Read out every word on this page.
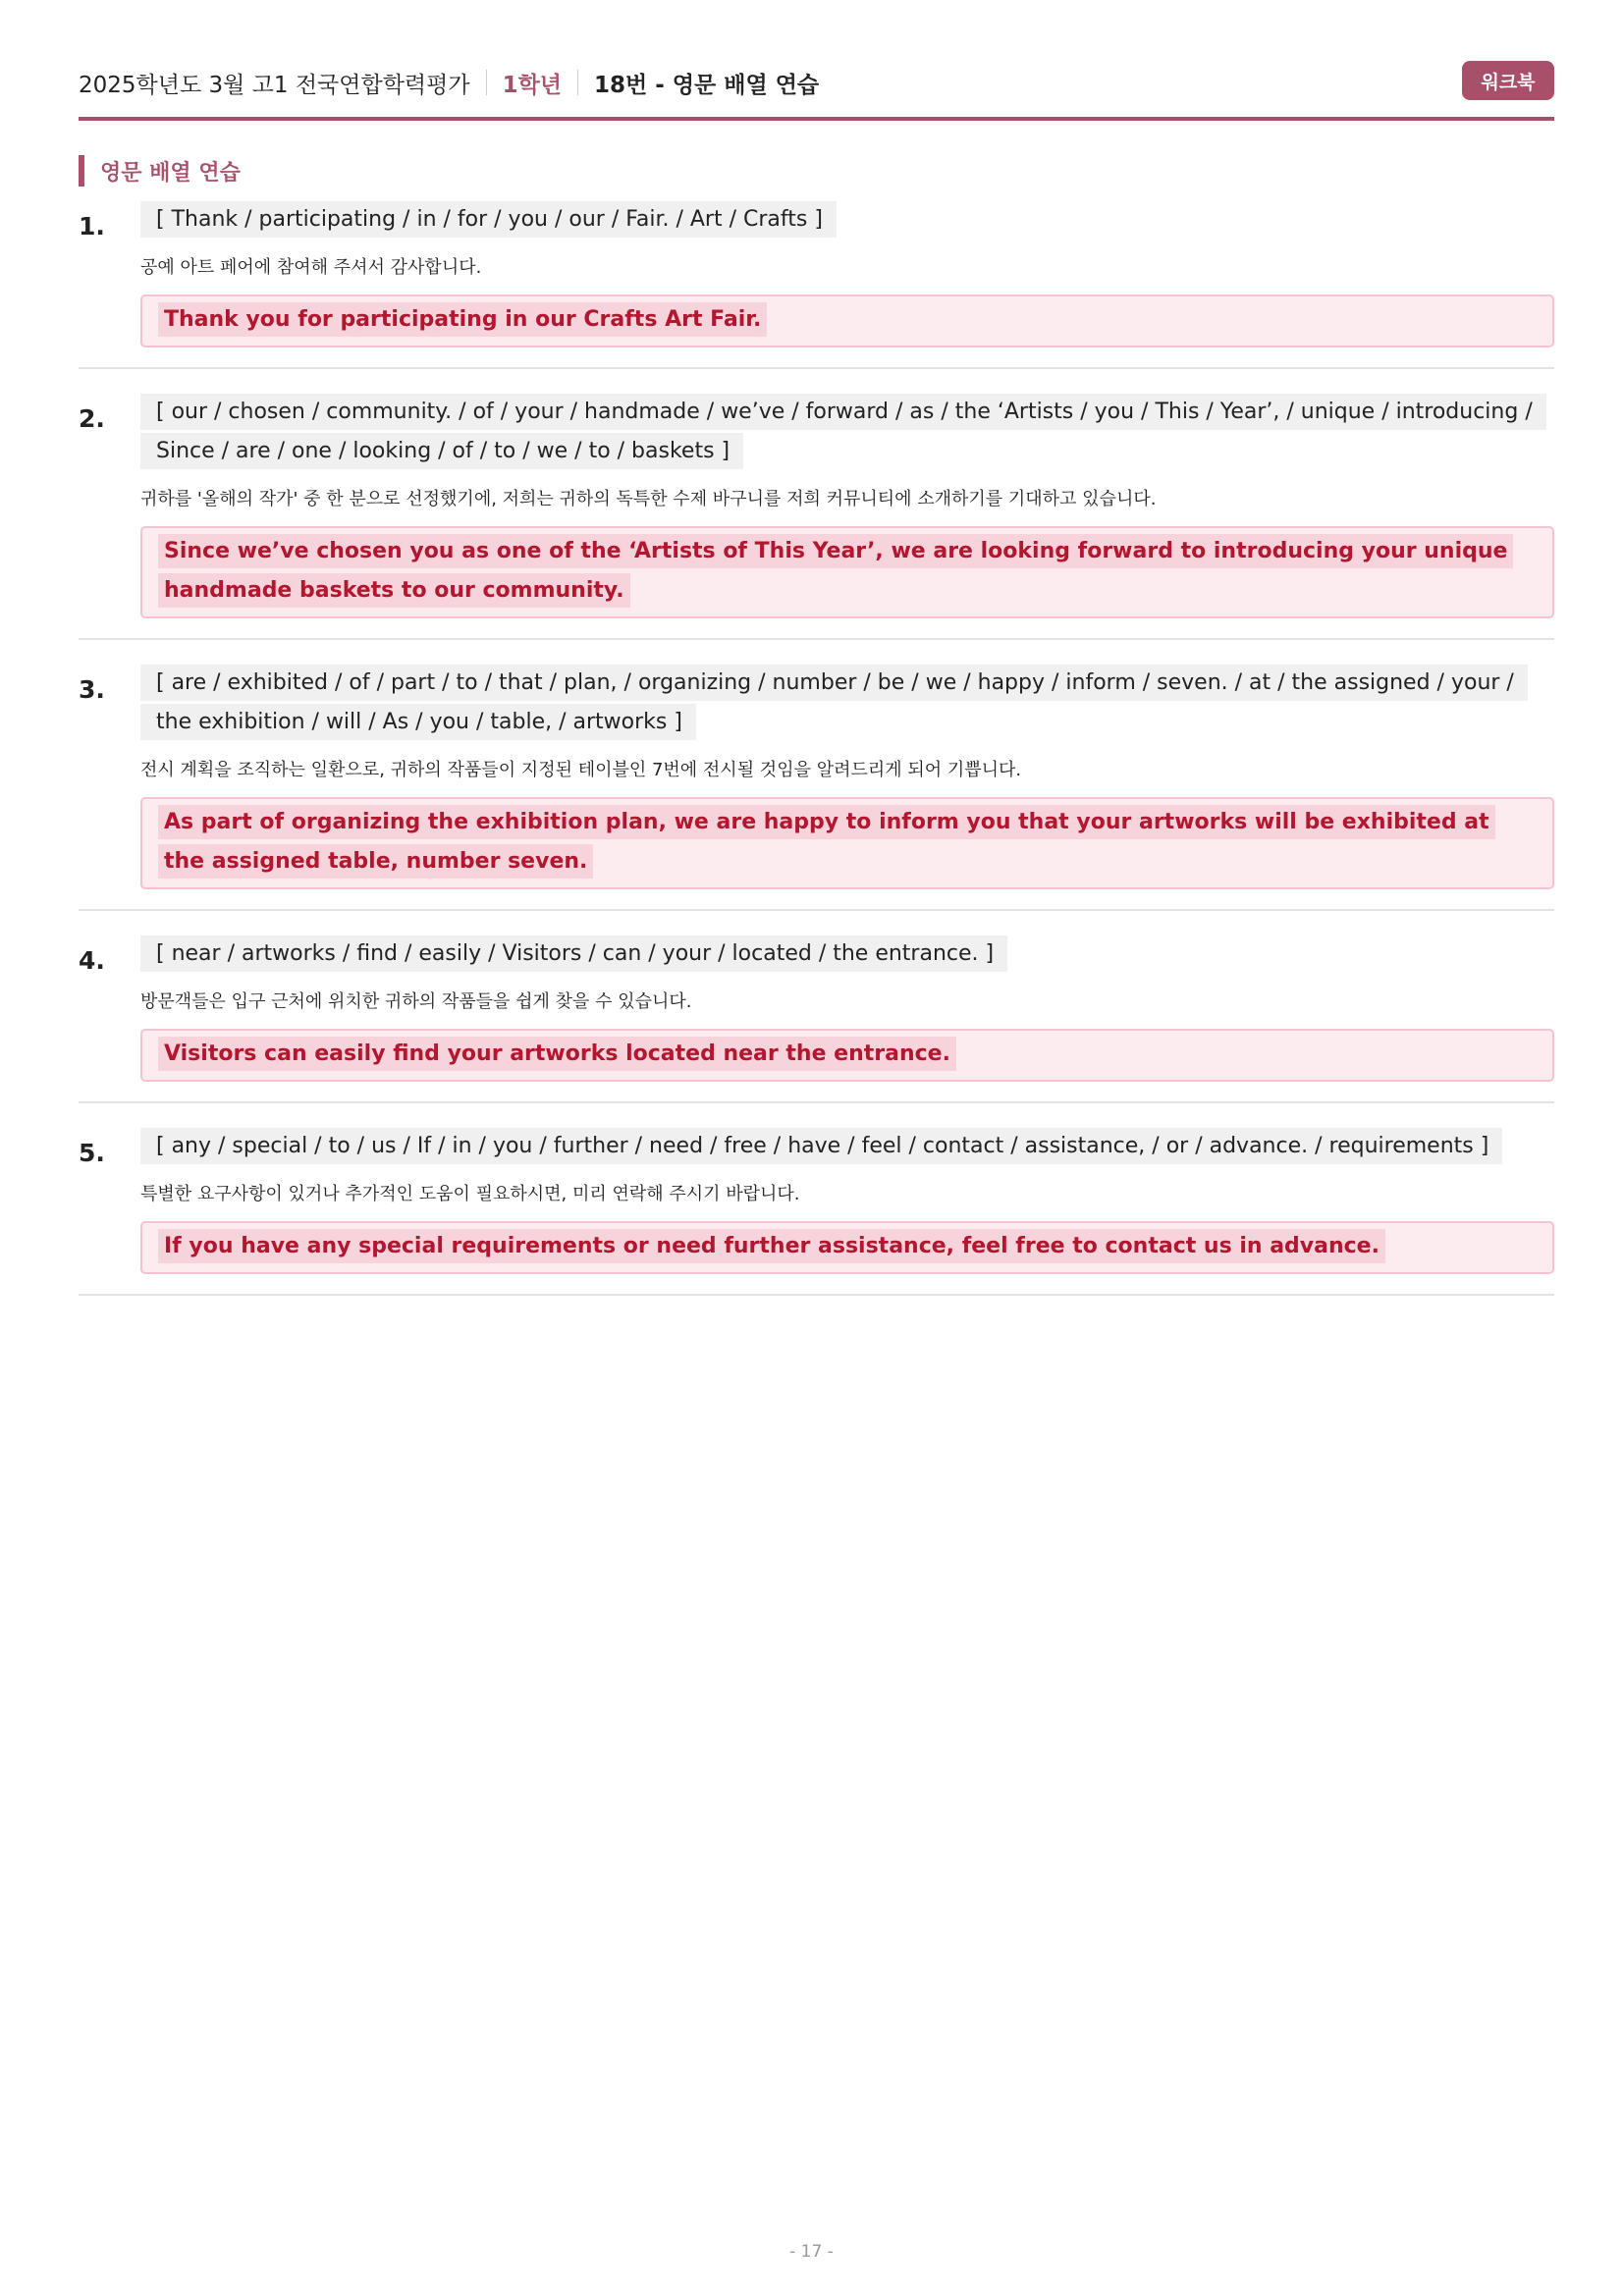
2025학년도 3월 고1 전국연합학력평가 1학년 18번 - 영문 배열 연습	워크북
영문 배열 연습
1.	[ Thank / participating / in / for / you / our / Fair. / Art / Crafts ]
공예 아트 페어에 참여해 주셔서 감사합니다.
Thank you for participating in our Crafts Art Fair.
2.	[ our / chosen / community. / of / your / handmade / we’ve / forward / as / the ‘Artists / you / This / Year’, / unique / introducing / Since / are / one / looking / of / to / we / to / baskets ]
귀하를 '올해의 작가' 중 한 분으로 선정했기에, 저희는 귀하의 독특한 수제 바구니를 저희 커뮤니티에 소개하기를 기대하고 있습니다.
Since we’ve chosen you as one of the ‘Artists of This Year’, we are looking forward to introducing your unique handmade baskets to our community.
3.	[ are / exhibited / of / part / to / that / plan, / organizing / number / be / we / happy / inform / seven. / at / the assigned / your / the exhibition / will / As / you / table, / artworks ]
전시 계획을 조직하는 일환으로, 귀하의 작품들이 지정된 테이블인 7번에 전시될 것임을 알려드리게 되어 기쁩니다.
As part of organizing the exhibition plan, we are happy to inform you that your artworks will be exhibited at the assigned table, number seven.
4.	[ near / artworks / find / easily / Visitors / can / your / located / the entrance. ]
방문객들은 입구 근처에 위치한 귀하의 작품들을 쉽게 찾을 수 있습니다.
Visitors can easily find your artworks located near the entrance.
5.	[ any / special / to / us / If / in / you / further / need / free / have / feel / contact / assistance, / or / advance. / requirements ]
특별한 요구사항이 있거나 추가적인 도움이 필요하시면, 미리 연락해 주시기 바랍니다.
If you have any special requirements or need further assistance, feel free to contact us in advance.
- 17 -
